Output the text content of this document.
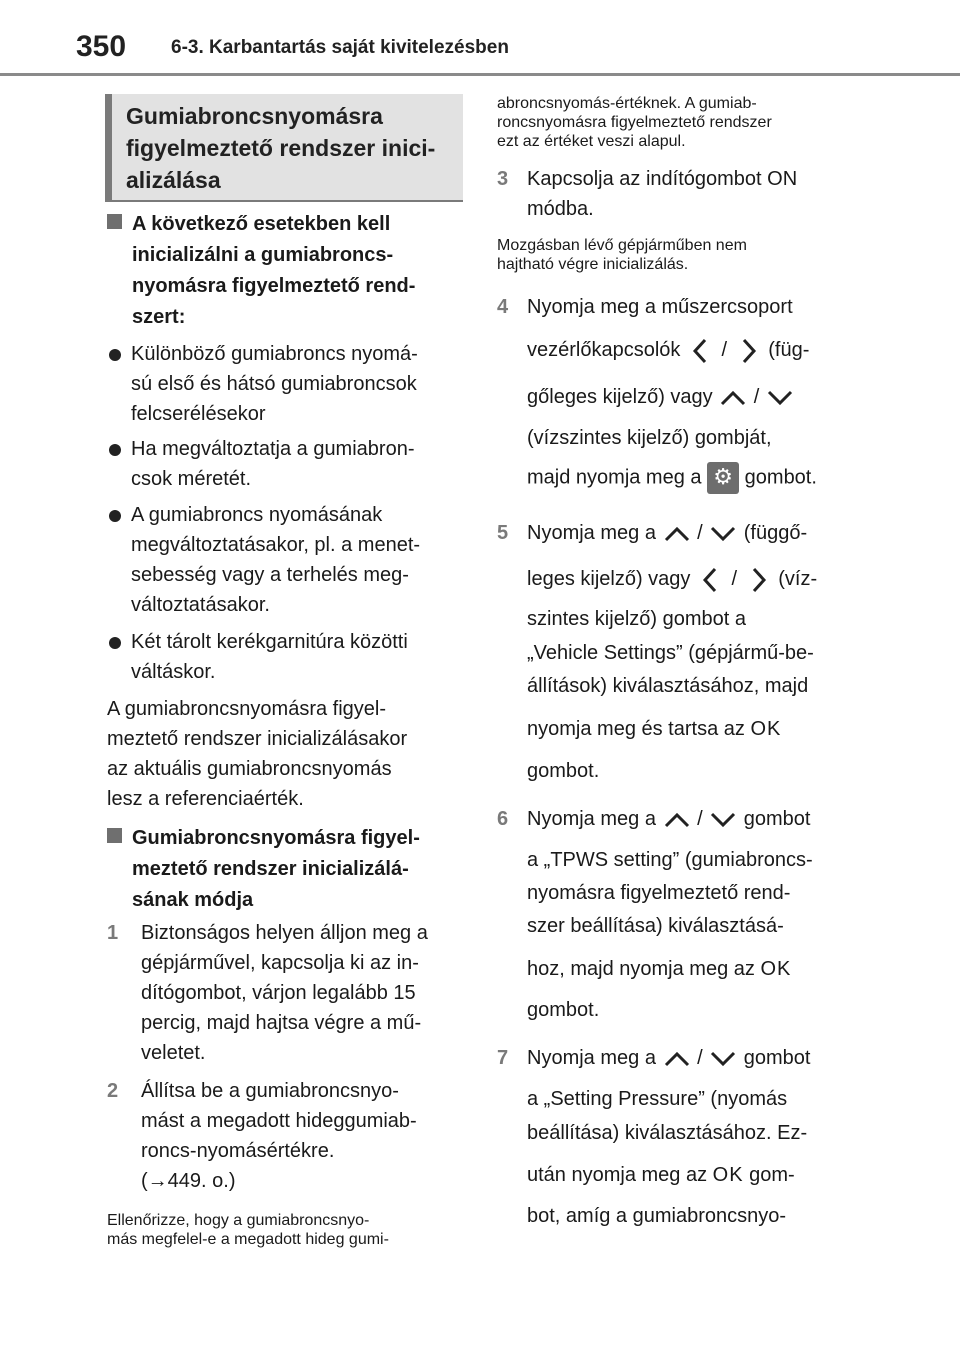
350 6-3. Karbantartás saját kivitelezésben
Gumiabroncsnyomásra
figyelmeztető rendszer inici-
alizálása
A következő esetekben kell
inicializálni a gumiabroncs-
nyomásra figyelmeztető rend-
szert:
Különböző gumiabroncs nyomá-
sú első és hátsó gumiabroncsok
felcserélésekor
Ha megváltoztatja a gumiabron-
csok méretét.
A gumiabroncs nyomásának
megváltoztatásakor, pl. a menet-
sebesség vagy a terhelés meg-
változtatásakor.
Két tárolt kerékgarnitúra közötti
váltáskor.
A gumiabroncsnyomásra figyel-
meztető rendszer inicializálásakor
az aktuális gumiabroncsnyomás
lesz a referenciaérték.
Gumiabroncsnyomásra figyel-
meztető rendszer inicializálá-
sának módja
1	Biztonságos helyen álljon meg a
gépjárművel, kapcsolja ki az in-
dítógombot, várjon legalább 15
percig, majd hajtsa végre a mű-
veletet.
2	Állítsa be a gumiabroncsnyo-
mást a megadott hideggumiab-
roncs-nyomásértékre.
(→449. o.)
Ellenőrizze, hogy a gumiabroncsnyo-
más megfelel-e a megadott hideg gumi-
abroncsnyomás-értéknek. A gumiab-
roncsnyomásra figyelmeztető rendszer
ezt az értéket veszi alapul.
3 Kapcsolja az indítógombot ON
módba.
Mozgásban lévő gépjárműben nem
hajtható végre inicializálás.
4 Nyomja meg a műszercsoport
vezérlőkapcsolók / (füg-
gőleges kijelző) vagy /
(vízszintes kijelző) gombját,
majd nyomja meg a ⚙ gombot.
5 Nyomja meg a / (függő-
leges kijelző) vagy / (víz-
szintes kijelző) gombot a
„Vehicle Settings” (gépjármű-be-
állítások) kiválasztásához, majd
nyomja meg és tartsa az OK
gombot.
6 Nyomja meg a / gombot
a „TPWS setting” (gumiabroncs-
nyomásra figyelmeztető rend-
szer beállítása) kiválasztásá-
hoz, majd nyomja meg az OK
gombot.
7 Nyomja meg a / gombot
a „Setting Pressure” (nyomás
beállítása) kiválasztásához. Ez-
után nyomja meg az OK gom-
bot, amíg a gumiabroncsnyo-
